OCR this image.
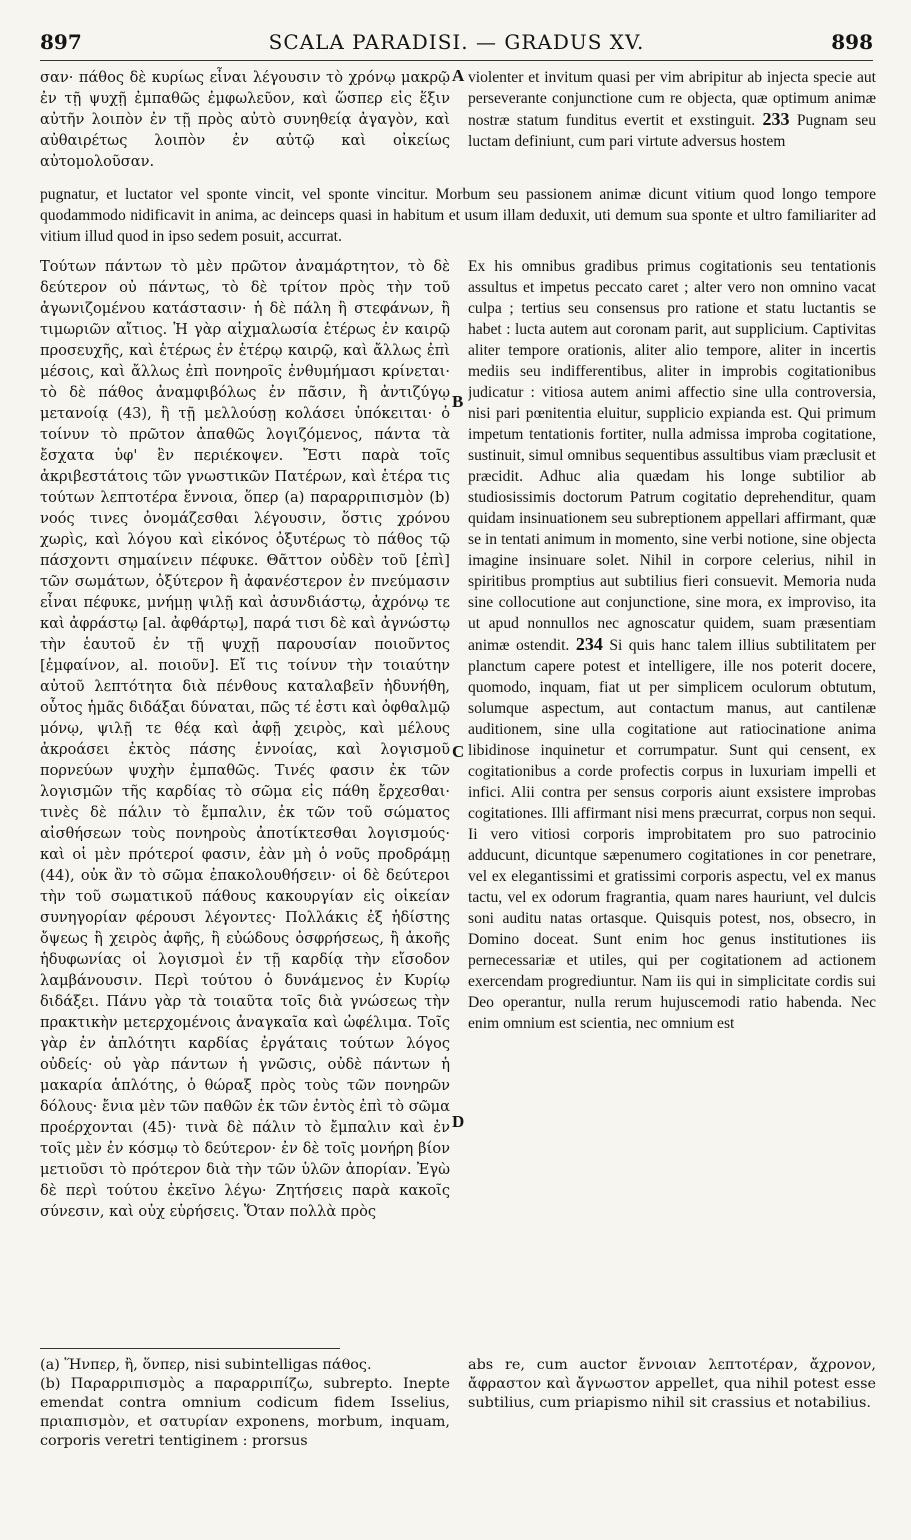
897	SCALA PARADISI. — GRADUS XV.	898
σαν· πάθος δὲ κυρίως εἶναι λέγουσιν τὸ χρόνῳ μακρῷ ἐν τῇ ψυχῇ ἐμπαθῶς ἐμφωλεῦον, καὶ ὥσπερ εἰς ἕξιν αὐτῆν λοιπὸν ἐν τῇ πρὸς αὐτὸ συνηθείᾳ ἀγαγὸν, καὶ αὐθαιρέτως λοιπὸν ἐν αὐτῷ καὶ οἰκείως αὐτομολοῦσαν.
A violenter et invitum quasi per vim abripitur ab injecta specie aut perseverante conjunctione cum re objecta, quæ optimum animæ nostræ statum funditus evertit et exstinguit. 233 Pugnam seu luctam definiunt, cum pari virtute adversus hostem
pugnatur, et luctator vel sponte vincit, vel sponte vincitur. Morbum seu passionem animæ dicunt vitium quod longo tempore quodammodo nidificavit in anima, ac deinceps quasi in habitum et usum illam deduxit, uti demum sua sponte et ultro familiariter ad vitium illud quod in ipso sedem posuit, accurrat.
Τούτων πάντων τὸ μὲν πρῶτον ἀναμάρτητον, τὸ δὲ δεύτερον οὐ πάντως, τὸ δὲ τρίτον πρὸς τὴν τοῦ ἀγωνιζομένου κατάστασιν· ἡ δὲ πάλη ἢ στεφάνων, ἢ τιμωριῶν αἴτιος. Ἡ γὰρ αἰχμαλωσία ἑτέρως ἐν καιρῷ προσευχῆς, καὶ ἑτέρως ἐν ἑτέρῳ καιρῷ, καὶ ἄλλως ἐπὶ μέσοις, καὶ ἄλλως ἐπὶ πονηροῖς ἐνθυμήμασι κρίνεται· τὸ δὲ πάθος ἀναμφιβόλως ἐν πᾶσιν, ἢ ἀντιζύγῳ μετανοίᾳ (43), ἢ τῇ μελλούσῃ κολάσει ὑπόκειται· ὁ τοίνυν τὸ πρῶτον ἀπαθῶς λογιζόμενος, πάντα τὰ ἔσχατα ὑφ' ἓν περιέκοψεν. Ἔστι παρὰ τοῖς ἀκριβεστάτοις τῶν γνωστικῶν Πατέρων, καὶ ἑτέρα τις τούτων λεπτοτέρα ἔννοια, ὅπερ (a) παραρριπισμὸν (b) νοός τινες ὀνομάζεσθαι λέγουσιν, ὅστις χρόνου χωρὶς, καὶ λόγου καὶ εἰκόνος ὀξυτέρως τὸ πάθος τῷ πάσχοντι σημαίνειν πέφυκε. Θᾶττον οὐδὲν τοῦ [ἐπὶ] τῶν σωμάτων, ὀξύτερον ἢ ἀφανέστερον ἐν πνεύμασιν εἶναι πέφυκε, μνήμῃ ψιλῇ καὶ ἀσυνδιάστῳ, ἀχρόνῳ τε καὶ ἀφράστῳ [al. ἀφθάρτῳ], παρά τισι δὲ καὶ ἀγνώστῳ τὴν ἑαυτοῦ ἐν τῇ ψυχῇ παρουσίαν ποιοῦντος [ἐμφαίνον, al. ποιοῦν]. Εἴ τις τοίνυν τὴν τοιαύτην αὐτοῦ λεπτότητα διὰ πένθους καταλαβεῖν ἠδυνήθη, οὗτος ἡμᾶς διδάξαι δύναται, πῶς τέ ἐστι καὶ ὀφθαλμῷ μόνῳ, ψιλῇ τε θέᾳ καὶ ἀφῇ χειρὸς, καὶ μέλους ἀκροάσει ἐκτὸς πάσης ἐννοίας, καὶ λογισμοῦ πορνεύων ψυχὴν ἐμπαθῶς. Τινές φασιν ἐκ τῶν λογισμῶν τῆς καρδίας τὸ σῶμα εἰς πάθη ἔρχεσθαι· τινὲς δὲ πάλιν τὸ ἔμπαλιν, ἐκ τῶν τοῦ σώματος αἰσθήσεων τοὺς πονηροὺς ἀποτίκτεσθαι λογισμούς· καὶ οἱ μὲν πρότεροί φασιν, ἐὰν μὴ ὁ νοῦς προδράμῃ (44), οὐκ ἂν τὸ σῶμα ἐπακολουθήσειν· οἱ δὲ δεύτεροι τὴν τοῦ σωματικοῦ πάθους κακουργίαν εἰς οἰκείαν συνηγορίαν φέρουσι λέγοντες· Πολλάκις ἐξ ἡδίστης ὄψεως ἢ χειρὸς ἀφῆς, ἢ εὐώδους ὀσφρήσεως, ἢ ἀκοῆς ἡδυφωνίας οἱ λογισμοὶ ἐν τῇ καρδίᾳ τὴν εἴσοδον λαμβάνουσιν. Περὶ τούτου ὁ δυνάμενος ἐν Κυρίῳ διδάξει. Πάνυ γὰρ τὰ τοιαῦτα τοῖς διὰ γνώσεως τὴν πρακτικὴν μετερχομένοις ἀναγκαῖα καὶ ὠφέλιμα. Τοῖς γὰρ ἐν ἁπλότητι καρδίας ἐργάταις τούτων λόγος οὐδείς· οὐ γὰρ πάντων ἡ γνῶσις, οὐδὲ πάντων ἡ μακαρία ἁπλότης, ὁ θώραξ πρὸς τοὺς τῶν πονηρῶν δόλους· ἔνια μὲν τῶν παθῶν ἐκ τῶν ἐντὸς ἐπὶ τὸ σῶμα προέρχονται (45)· τινὰ δὲ πάλιν τὸ ἔμπαλιν καὶ ἐν τοῖς μὲν ἐν κόσμῳ τὸ δεύτερον· ἐν δὲ τοῖς μονήρη βίον μετιοῦσι τὸ πρότερον διὰ τὴν τῶν ὑλῶν ἀπορίαν. Ἐγὼ δὲ περὶ τούτου ἐκεῖνο λέγω· Ζητήσεις παρὰ κακοῖς σύνεσιν, καὶ οὐχ εὑρήσεις. Ὅταν πολλὰ πρὸς
B
C
D
Ex his omnibus gradibus primus cogitationis seu tentationis assultus et impetus peccato caret ; alter vero non omnino vacat culpa ; tertius seu consensus pro ratione et statu luctantis se habet : lucta autem aut coronam parit, aut supplicium. Captivitas aliter tempore orationis, aliter alio tempore, aliter in incertis mediis seu indifferentibus, aliter in improbis cogitationibus judicatur : vitiosa autem animi affectio sine ulla controversia, nisi pari pœnitentia eluitur, supplicio expianda est. Qui primum impetum tentationis fortiter, nulla admissa improba cogitatione, sustinuit, simul omnibus sequentibus assultibus viam præclusit et præcidit. Adhuc alia quædam his longe subtilior ab studiosissimis doctorum Patrum cogitatio deprehenditur, quam quidam insinuationem seu subreptionem appellari affirmant, quæ se in tentati animum in momento, sine verbi notione, sine objecta imagine insinuare solet. Nihil in corpore celerius, nihil in spiritibus promptius aut subtilius fieri consuevit. Memoria nuda sine collocutione aut conjunctione, sine mora, ex improviso, ita ut apud nonnullos nec agnoscatur quidem, suam præsentiam animæ ostendit. 234 Si quis hanc talem illius subtilitatem per planctum capere potest et intelligere, ille nos poterit docere, quomodo, inquam, fiat ut per simplicem oculorum obtutum, solumque aspectum, aut contactum manus, aut cantilenæ auditionem, sine ulla cogitatione aut ratiocinatione anima libidinose inquinetur et corrumpatur. Sunt qui censent, ex cogitationibus a corde profectis corpus in luxuriam impelli et infici. Alii contra per sensus corporis aiunt exsistere improbas cogitationes. Illi affirmant nisi mens præcurrat, corpus non sequi. Ii vero vitiosi corporis improbitatem pro suo patrocinio adducunt, dicuntque sæpenumero cogitationes in cor penetrare, vel ex elegantissimi et gratissimi corporis aspectu, vel ex manus tactu, vel ex odorum fragrantia, quam nares hauriunt, vel dulcis soni auditu natas ortasque. Quisquis potest, nos, obsecro, in Domino doceat. Sunt enim hoc genus institutiones iis pernecessariæ et utiles, qui per cogitationem ad actionem exercendam progrediuntur. Nam iis qui in simplicitate cordis sui Deo operantur, nulla rerum hujuscemodi ratio habenda. Nec enim omnium est scientia, nec omnium est
(a) Ἥνπερ, ἢ, ὅνπερ, nisi subintelligas πάθος.
(b) Παραρριπισμὸς a παραρριπίζω, subrepto. Inepte emendat contra omnium codicum fidem Isselius, πριαπισμὸν, et σατυρίαν exponens, morbum, inquam, corporis veretri tentiginem : prorsus
abs re, cum auctor ἔννοιαν λεπτοτέραν, ἄχρονον, ἄφραστον καὶ ἄγνωστον appellet, qua nihil potest esse subtilius, cum priapismo nihil sit crassius et notabilius.
